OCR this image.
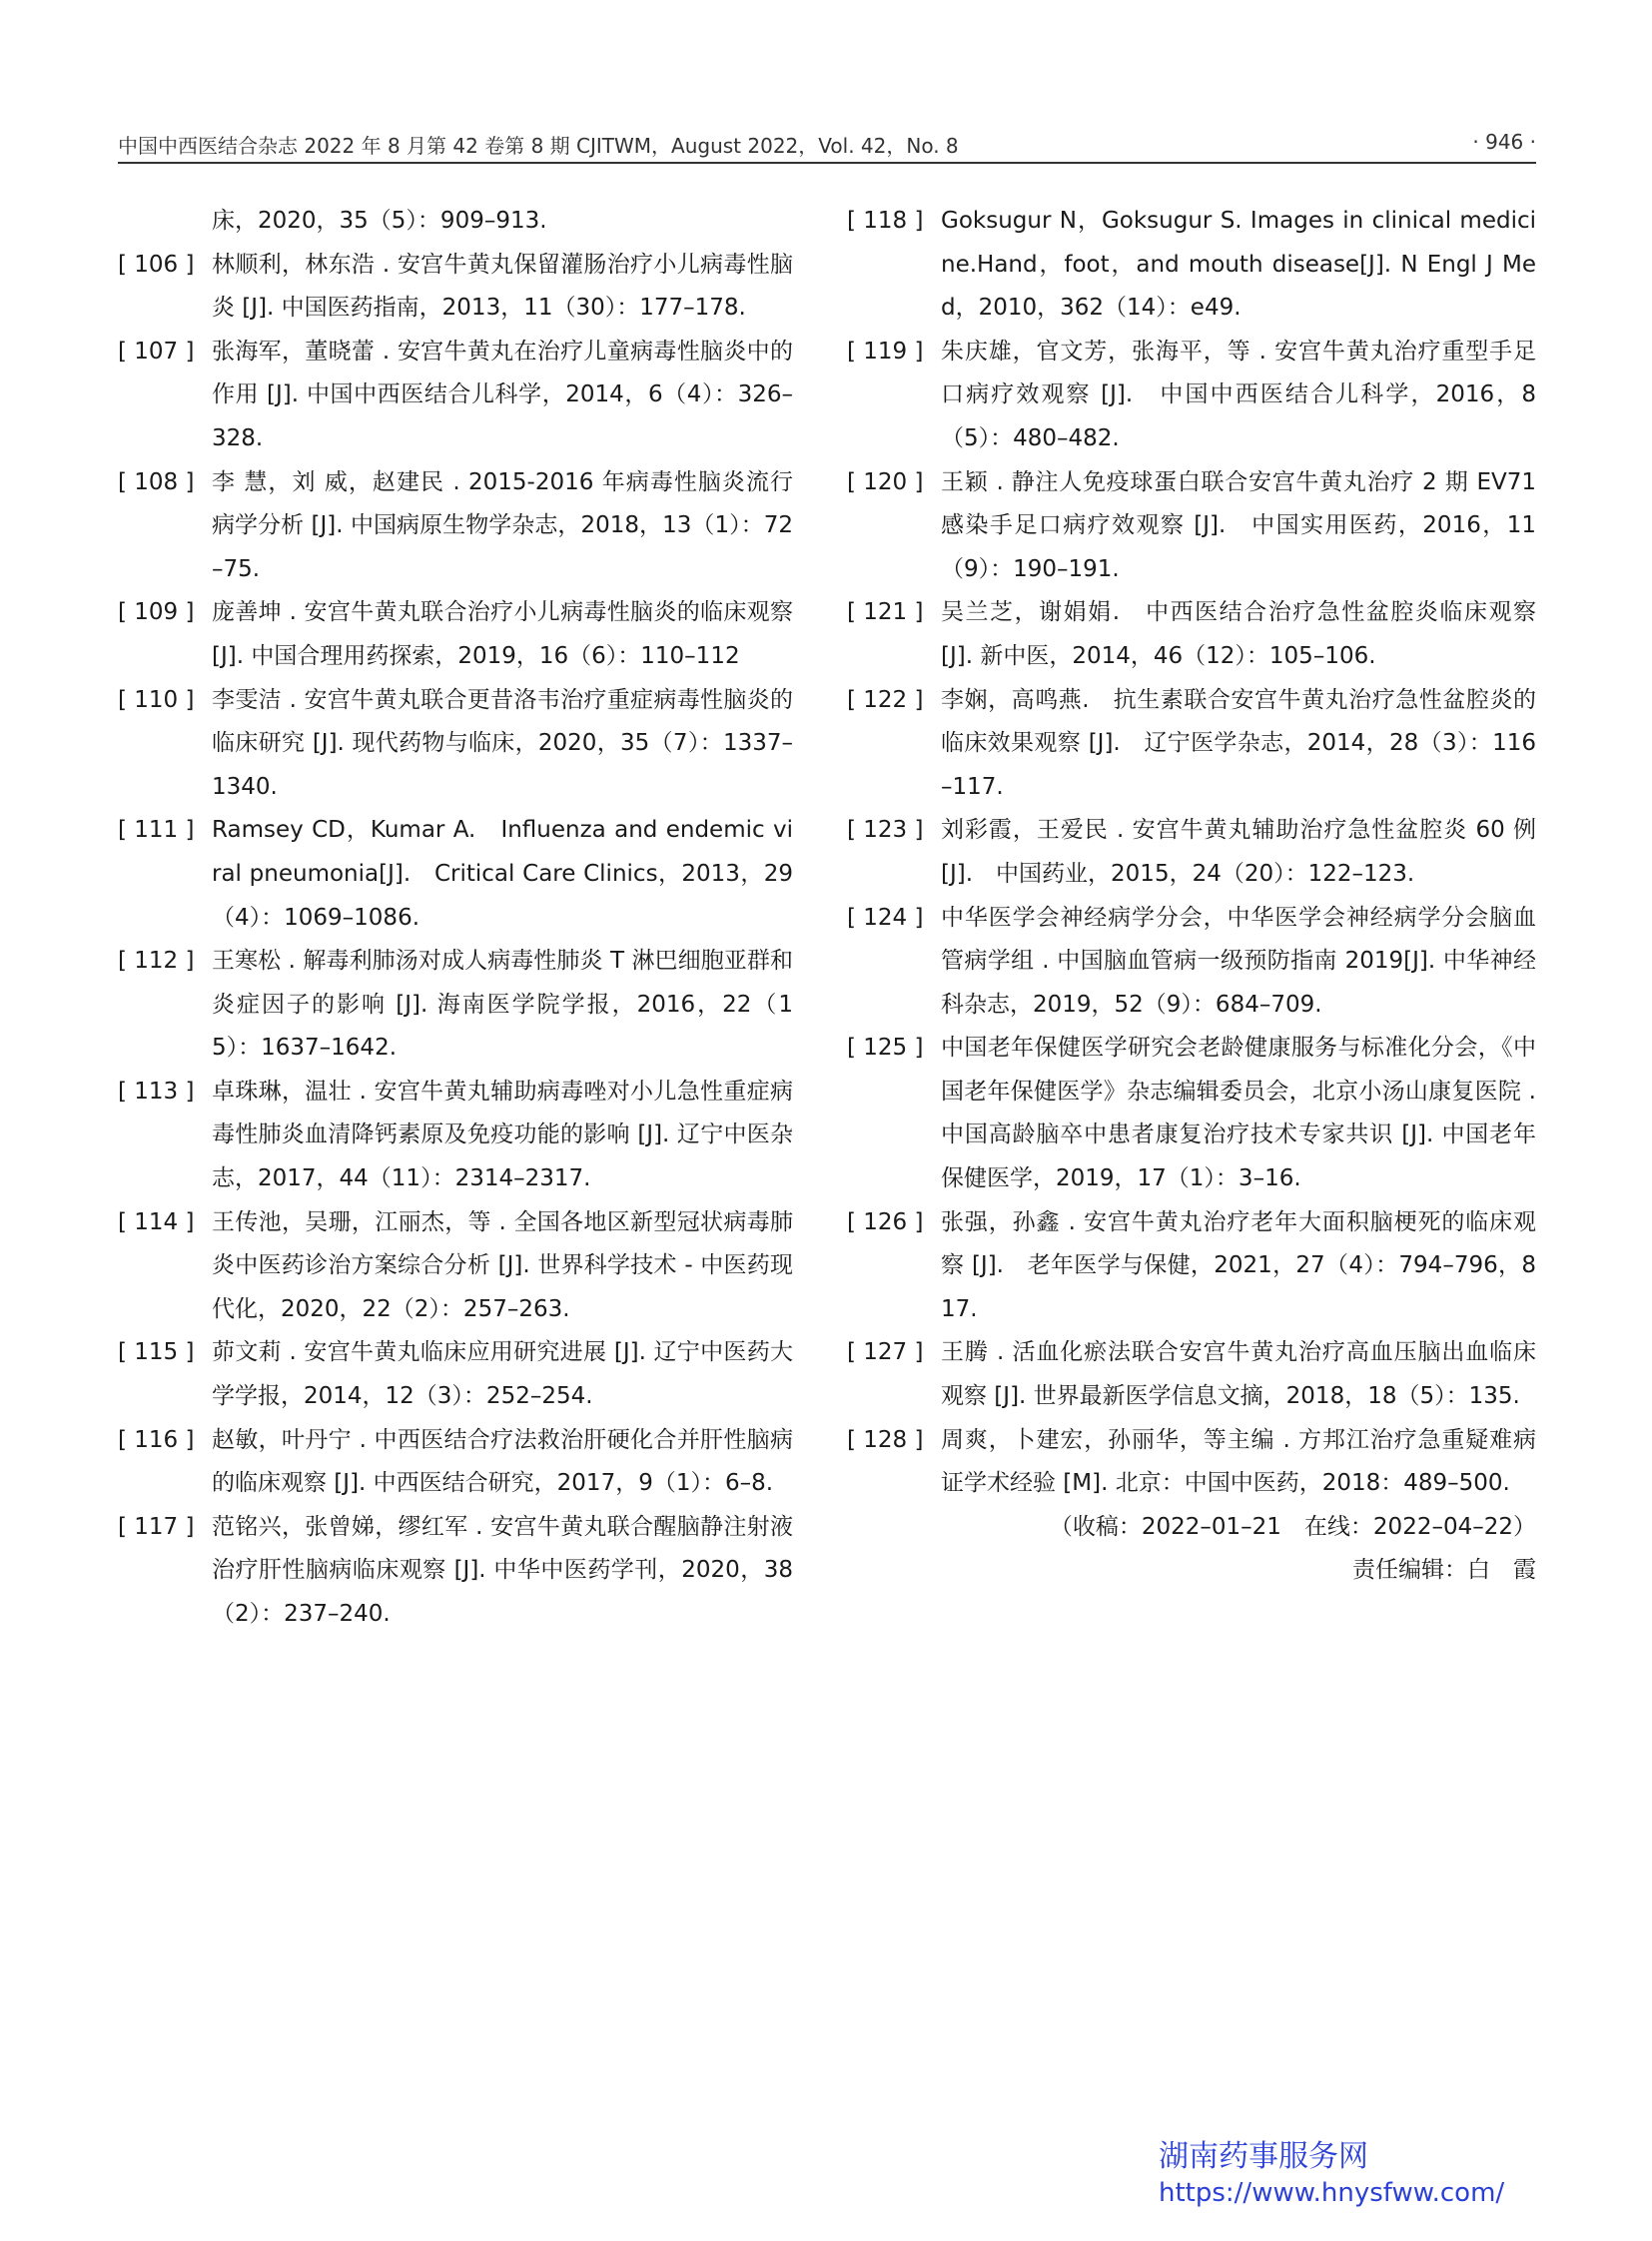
中国中西医结合杂志 2022 年 8 月第 42 卷第 8 期 CJITWM，August 2022，Vol. 42，No. 8	· 946 ·
床，2020，35（5）：909–913.
[ 106 ] 林顺利，林东浩 . 安宫牛黄丸保留灌肠治疗小儿病毒性脑炎 [J]. 中国医药指南，2013，11（30）：177–178.
[ 107 ] 张海军，董晓蕾 . 安宫牛黄丸在治疗儿童病毒性脑炎中的作用 [J]. 中国中西医结合儿科学，2014，6（4）：326–328.
[ 108 ] 李 慧，刘 威，赵建民 . 2015-2016 年病毒性脑炎流行病学分析 [J]. 中国病原生物学杂志，2018，13（1）：72–75.
[ 109 ] 庞善坤 . 安宫牛黄丸联合治疗小儿病毒性脑炎的临床观察 [J]. 中国合理用药探索，2019，16（6）：110–112
[ 110 ] 李雯洁 . 安宫牛黄丸联合更昔洛韦治疗重症病毒性脑炎的临床研究 [J]. 现代药物与临床，2020，35（7）：1337–1340.
[ 111 ] Ramsey CD，Kumar A.　Influenza and endemic viral pneumonia[J].　Critical Care Clinics，2013，29（4）：1069–1086.
[ 112 ] 王寒松 . 解毒利肺汤对成人病毒性肺炎 T 淋巴细胞亚群和炎症因子的影响 [J]. 海南医学院学报，2016，22（15）：1637–1642.
[ 113 ] 卓珠琳，温壮 . 安宫牛黄丸辅助病毒唑对小儿急性重症病毒性肺炎血清降钙素原及免疫功能的影响 [J]. 辽宁中医杂志，2017，44（11）：2314–2317.
[ 114 ] 王传池，吴珊，江丽杰，等 . 全国各地区新型冠状病毒肺炎中医药诊治方案综合分析 [J]. 世界科学技术 - 中医药现代化，2020，22（2）：257–263.
[ 115 ] 茆文莉 . 安宫牛黄丸临床应用研究进展 [J]. 辽宁中医药大学学报，2014，12（3）：252–254.
[ 116 ] 赵敏，叶丹宁 . 中西医结合疗法救治肝硬化合并肝性脑病的临床观察 [J]. 中西医结合研究，2017，9（1）：6–8.
[ 117 ] 范铭兴，张曾娣，缪红军 . 安宫牛黄丸联合醒脑静注射液治疗肝性脑病临床观察 [J]. 中华中医药学刊，2020，38（2）：237–240.
[ 118 ] Goksugur N，Goksugur S. Images in clinical medicine.Hand，foot，and mouth disease[J]. N Engl J Med，2010，362（14）：e49.
[ 119 ] 朱庆雄，官文芳，张海平，等 . 安宫牛黄丸治疗重型手足口病疗效观察 [J].　中国中西医结合儿科学，2016，8（5）：480–482.
[ 120 ] 王颖 . 静注人免疫球蛋白联合安宫牛黄丸治疗 2 期 EV71 感染手足口病疗效观察 [J].　中国实用医药，2016，11（9）：190–191.
[ 121 ] 吴兰芝，谢娟娟.　中西医结合治疗急性盆腔炎临床观察 [J]. 新中医，2014，46（12）：105–106.
[ 122 ] 李娴，高鸣燕.　抗生素联合安宫牛黄丸治疗急性盆腔炎的临床效果观察 [J].　辽宁医学杂志，2014，28（3）：116–117.
[ 123 ] 刘彩霞，王爱民 . 安宫牛黄丸辅助治疗急性盆腔炎 60 例 [J].　中国药业，2015，24（20）：122–123.
[ 124 ] 中华医学会神经病学分会，中华医学会神经病学分会脑血管病学组 . 中国脑血管病一级预防指南 2019[J]. 中华神经科杂志，2019，52（9）：684–709.
[ 125 ] 中国老年保健医学研究会老龄健康服务与标准化分会，《中国老年保健医学》杂志编辑委员会，北京小汤山康复医院 . 中国高龄脑卒中患者康复治疗技术专家共识 [J]. 中国老年保健医学，2019，17（1）：3–16.
[ 126 ] 张强，孙鑫 . 安宫牛黄丸治疗老年大面积脑梗死的临床观察 [J].　老年医学与保健，2021，27（4）：794–796，817.
[ 127 ] 王腾 . 活血化瘀法联合安宫牛黄丸治疗高血压脑出血临床观察 [J]. 世界最新医学信息文摘，2018，18（5）：135.
[ 128 ] 周爽，卜建宏，孙丽华，等主编 . 方邦江治疗急重疑难病证学术经验 [M]. 北京：中国中医药，2018：489–500.
（收稿：2022–01–21　在线：2022–04–22）
责任编辑：白　霞
湖南药事服务网
https://www.hnysfww.com/
